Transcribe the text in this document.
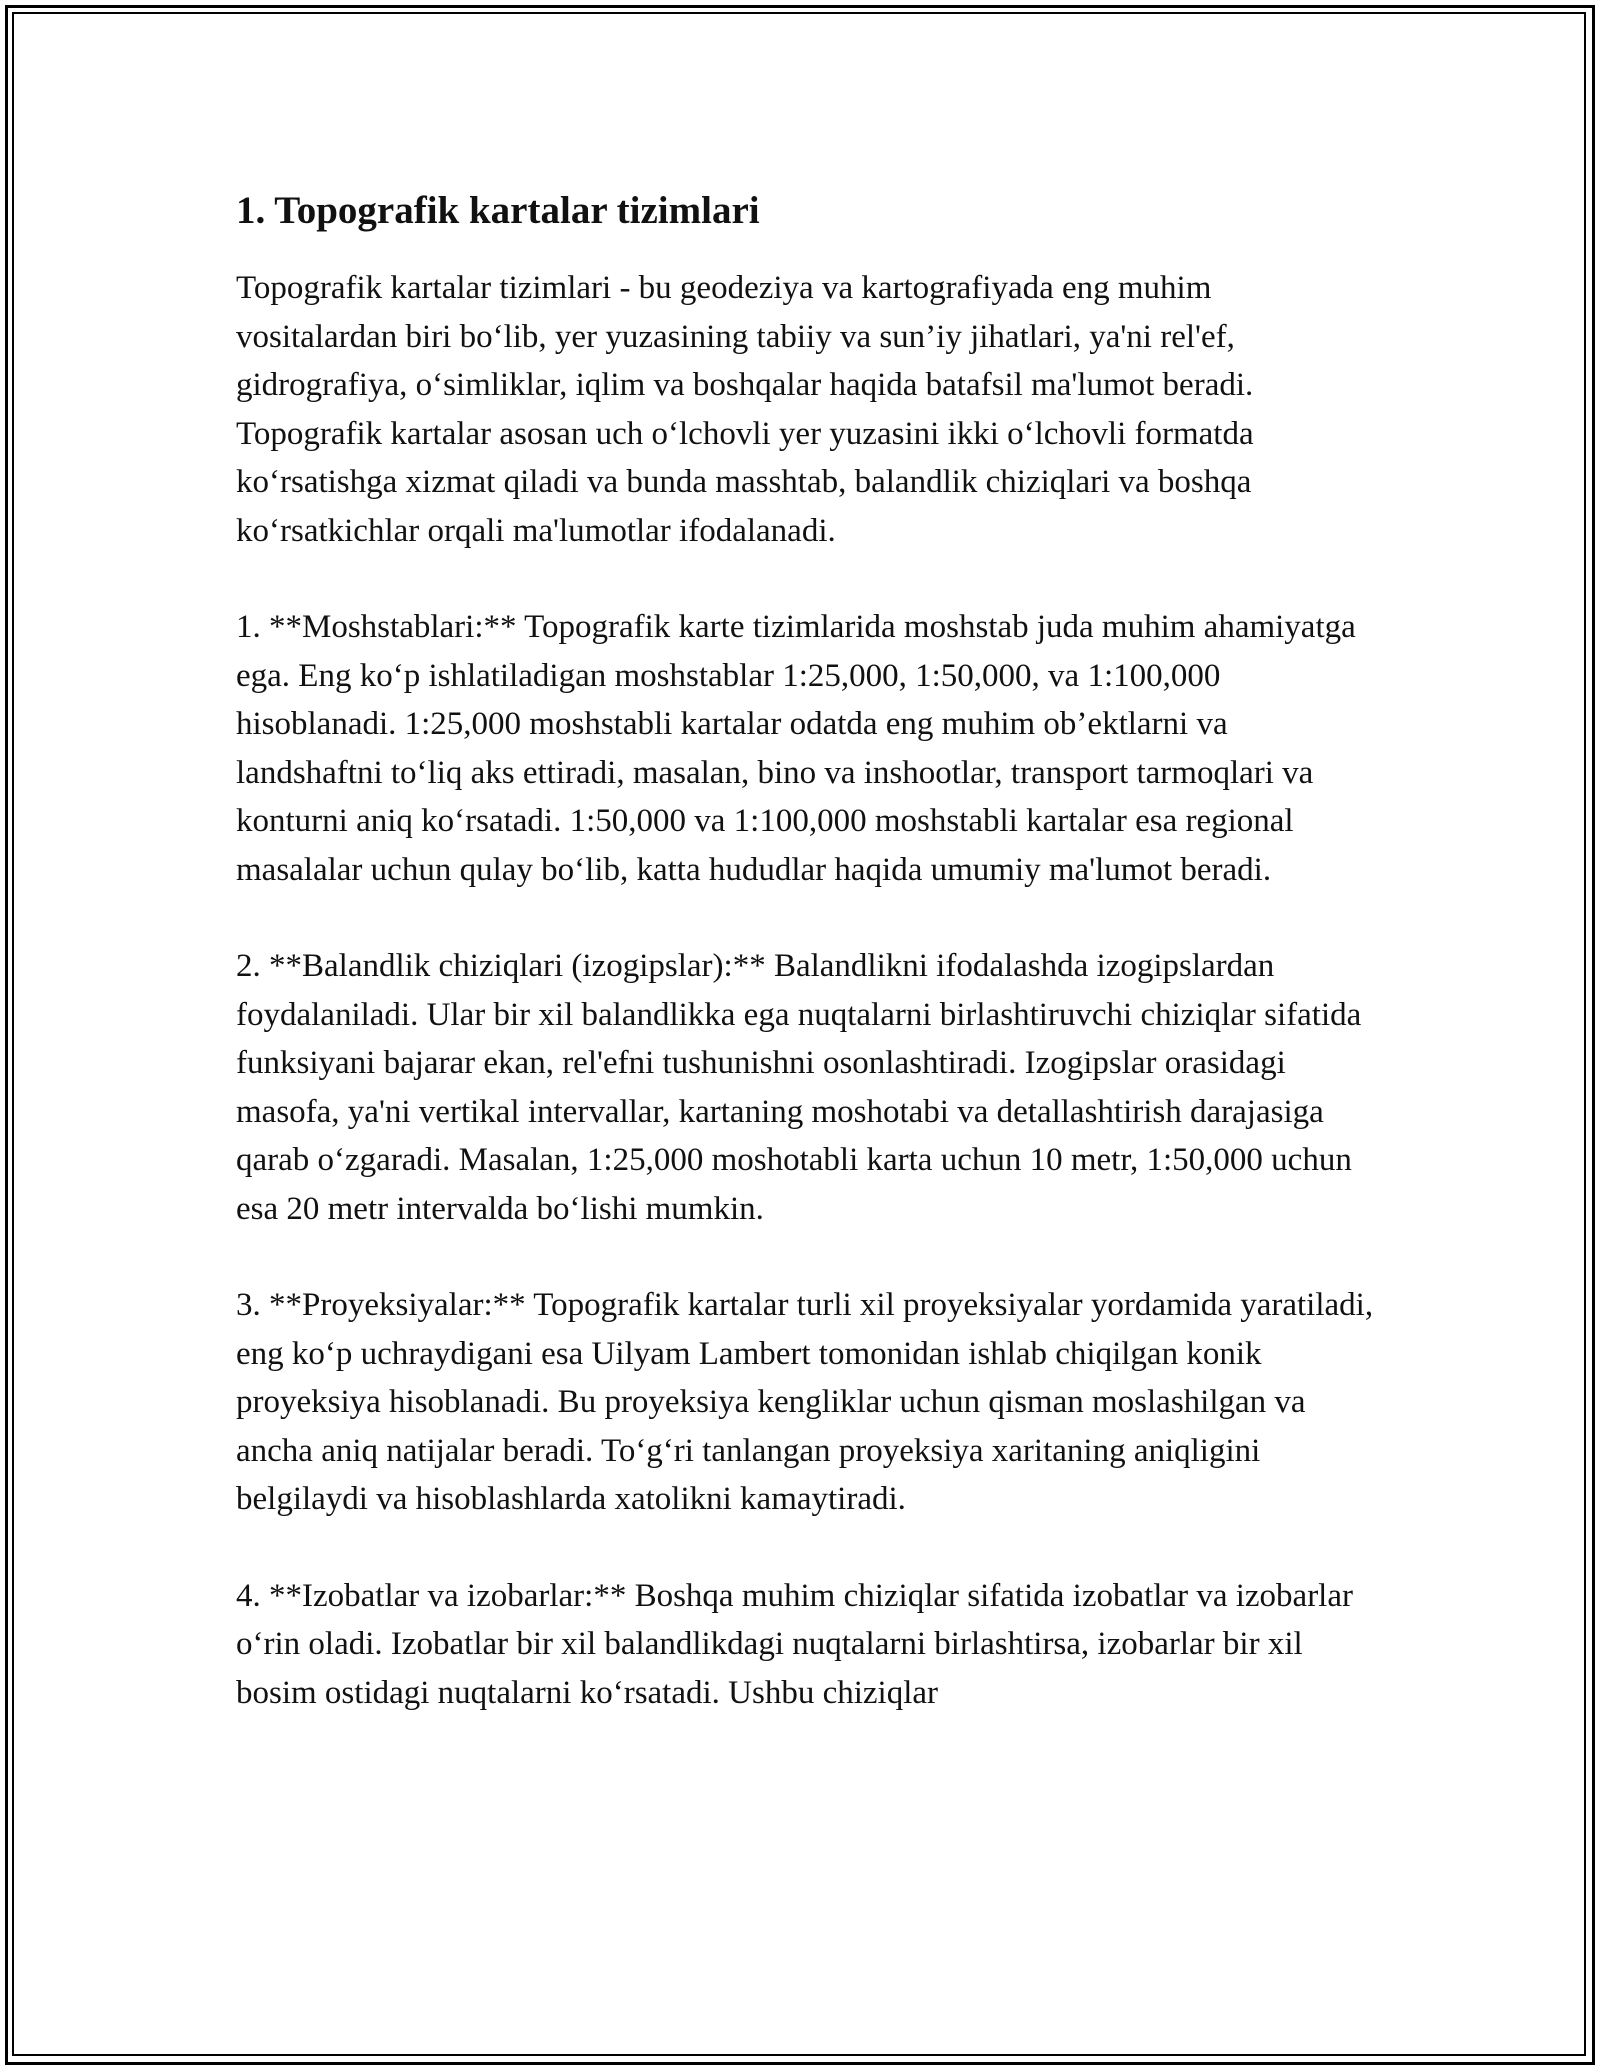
1. Topografik kartalar tizimlari

Topografik kartalar tizimlari - bu geodeziya va kartografiyada eng muhim vositalardan biri bo‘lib, yer yuzasining tabiiy va sun’iy jihatlari, ya'ni rel'ef, gidrografiya, o‘simliklar, iqlim va boshqalar haqida batafsil ma'lumot beradi. Topografik kartalar asosan uch o‘lchovli yer yuzasini ikki o‘lchovli formatda ko‘rsatishga xizmat qiladi va bunda masshtab, balandlik chiziqlari va boshqa ko‘rsatkichlar orqali ma'lumotlar ifodalanadi.

1. **Moshstablari:** Topografik karte tizimlarida moshstab juda muhim ahamiyatga ega. Eng ko‘p ishlatiladigan moshstablar 1:25,000, 1:50,000, va 1:100,000 hisoblanadi. 1:25,000 moshstabli kartalar odatda eng muhim ob’ektlarni va landshaftni to‘liq aks ettiradi, masalan, bino va inshootlar, transport tarmoqlari va konturni aniq ko‘rsatadi. 1:50,000 va 1:100,000 moshstabli kartalar esa regional masalalar uchun qulay bo‘lib, katta hududlar haqida umumiy ma'lumot beradi.

2. **Balandlik chiziqlari (izogipslar):** Balandlikni ifodalashda izogipslardan foydalaniladi. Ular bir xil balandlikka ega nuqtalarni birlashtiruvchi chiziqlar sifatida funksiyani bajarar ekan, rel'efni tushunishni osonlashtiradi. Izogipslar orasidagi masofa, ya'ni vertikal intervallar, kartaning moshotabi va detallashtirish darajasiga qarab o‘zgaradi. Masalan, 1:25,000 moshotabli karta uchun 10 metr, 1:50,000 uchun esa 20 metr intervalda bo‘lishi mumkin.

3. **Proyeksiyalar:** Topografik kartalar turli xil proyeksiyalar yordamida yaratiladi, eng ko‘p uchraydigani esa Uilyam Lambert tomonidan ishlab chiqilgan konik proyeksiya hisoblanadi. Bu proyeksiya kengliklar uchun qisman moslashilgan va ancha aniq natijalar beradi. To‘g‘ri tanlangan proyeksiya xaritaning aniqligini belgilaydi va hisoblashlarda xatolikni kamaytiradi.

4. **Izobatlar va izobarlar:** Boshqa muhim chiziqlar sifatida izobatlar va izobarlar o‘rin oladi. Izobatlar bir xil balandlikdagi nuqtalarni birlashtirsa, izobarlar bir xil bosim ostidagi nuqtalarni ko‘rsatadi. Ushbu chiziqlar
